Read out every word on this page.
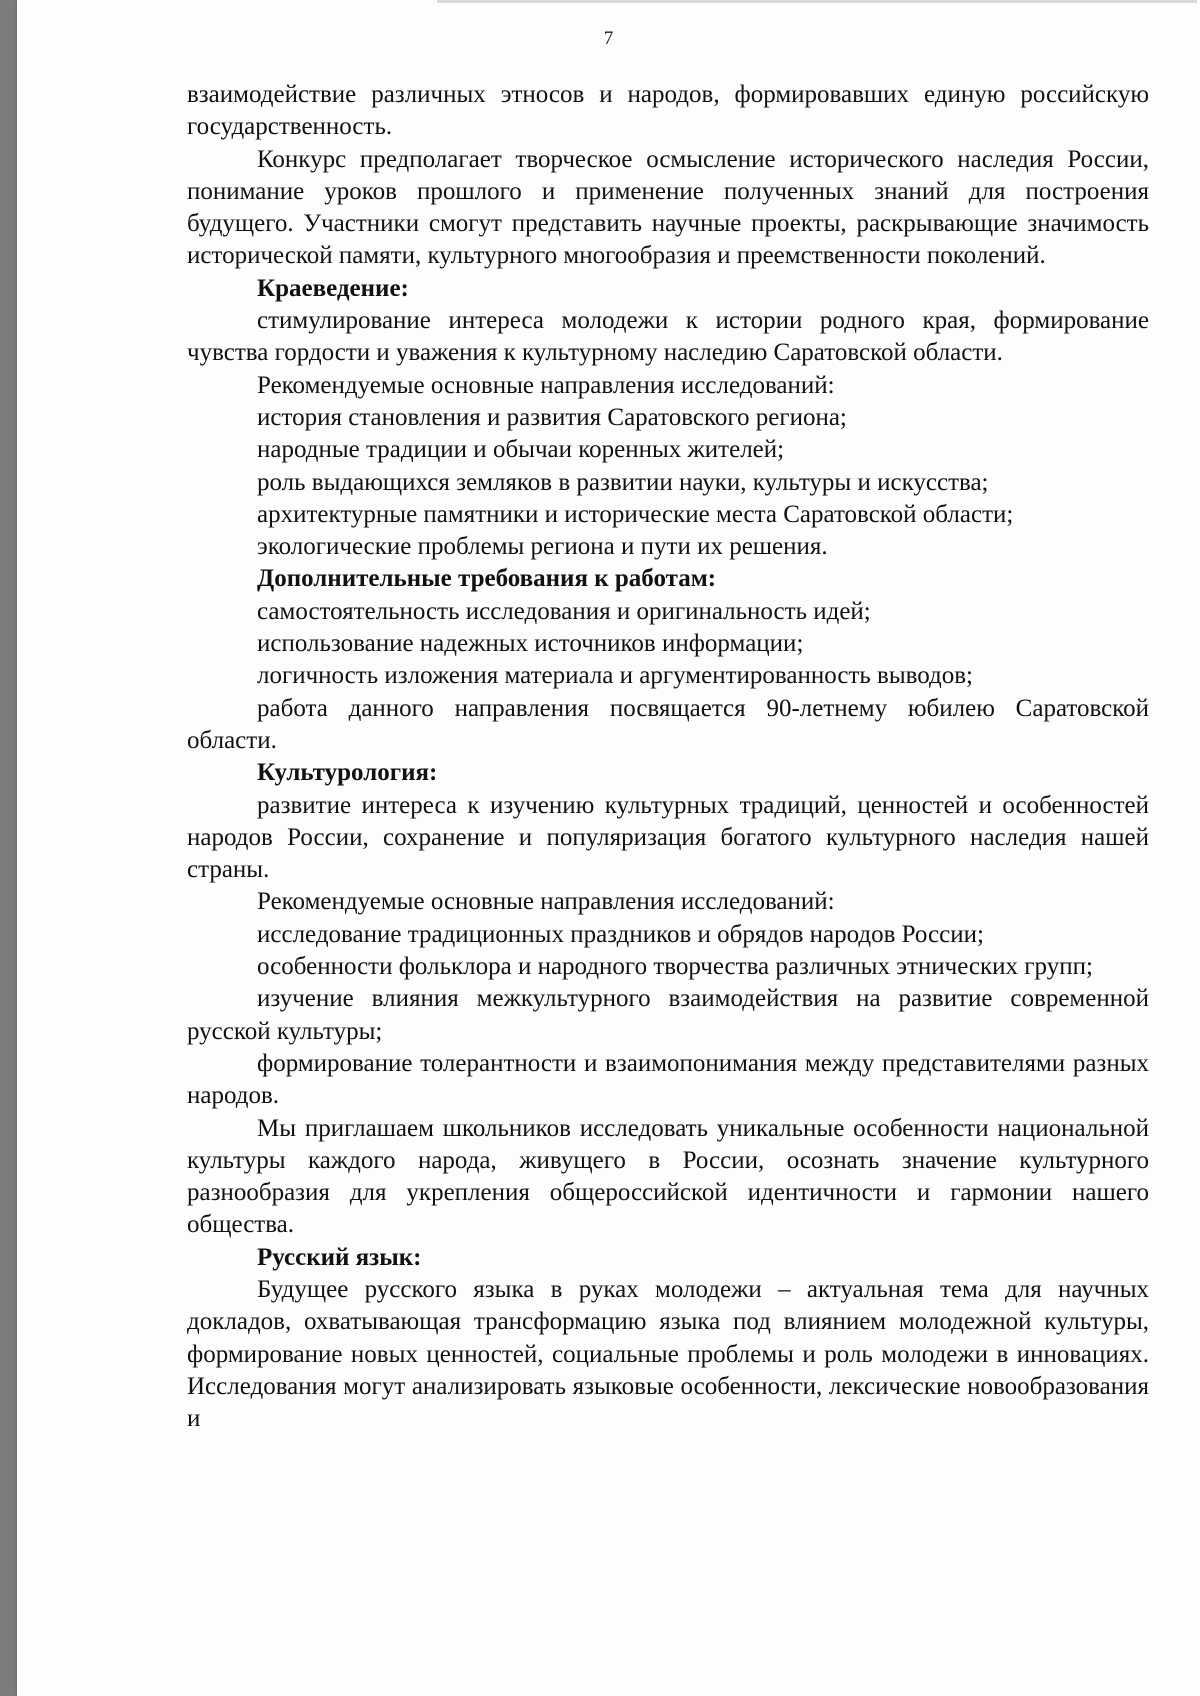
7

взаимодействие различных этносов и народов, формировавших единую российскую государственность.

Конкурс предполагает творческое осмысление исторического наследия России, понимание уроков прошлого и применение полученных знаний для построения будущего. Участники смогут представить научные проекты, раскрывающие значимость исторической памяти, культурного многообразия и преемственности поколений.

Краеведение:

стимулирование интереса молодежи к истории родного края, формирование чувства гордости и уважения к культурному наследию Саратовской области.

Рекомендуемые основные направления исследований:

история становления и развития Саратовского региона;

народные традиции и обычаи коренных жителей;

роль выдающихся земляков в развитии науки, культуры и искусства;

архитектурные памятники и исторические места Саратовской области;

экологические проблемы региона и пути их решения.

Дополнительные требования к работам:

самостоятельность исследования и оригинальность идей;

использование надежных источников информации;

логичность изложения материала и аргументированность выводов;

работа данного направления посвящается 90-летнему юбилею Саратовской области.

Культурология:

развитие интереса к изучению культурных традиций, ценностей и особенностей народов России, сохранение и популяризация богатого культурного наследия нашей страны.

Рекомендуемые основные направления исследований:

исследование традиционных праздников и обрядов народов России;

особенности фольклора и народного творчества различных этнических групп;

изучение влияния межкультурного взаимодействия на развитие современной русской культуры;

формирование толерантности и взаимопонимания между представителями разных народов.

Мы приглашаем школьников исследовать уникальные особенности национальной культуры каждого народа, живущего в России, осознать значение культурного разнообразия для укрепления общероссийской идентичности и гармонии нашего общества.

Русский язык:

Будущее русского языка в руках молодежи – актуальная тема для научных докладов, охватывающая трансформацию языка под влиянием молодежной культуры, формирование новых ценностей, социальные проблемы и роль молодежи в инновациях. Исследования могут анализировать языковые особенности, лексические новообразования и
